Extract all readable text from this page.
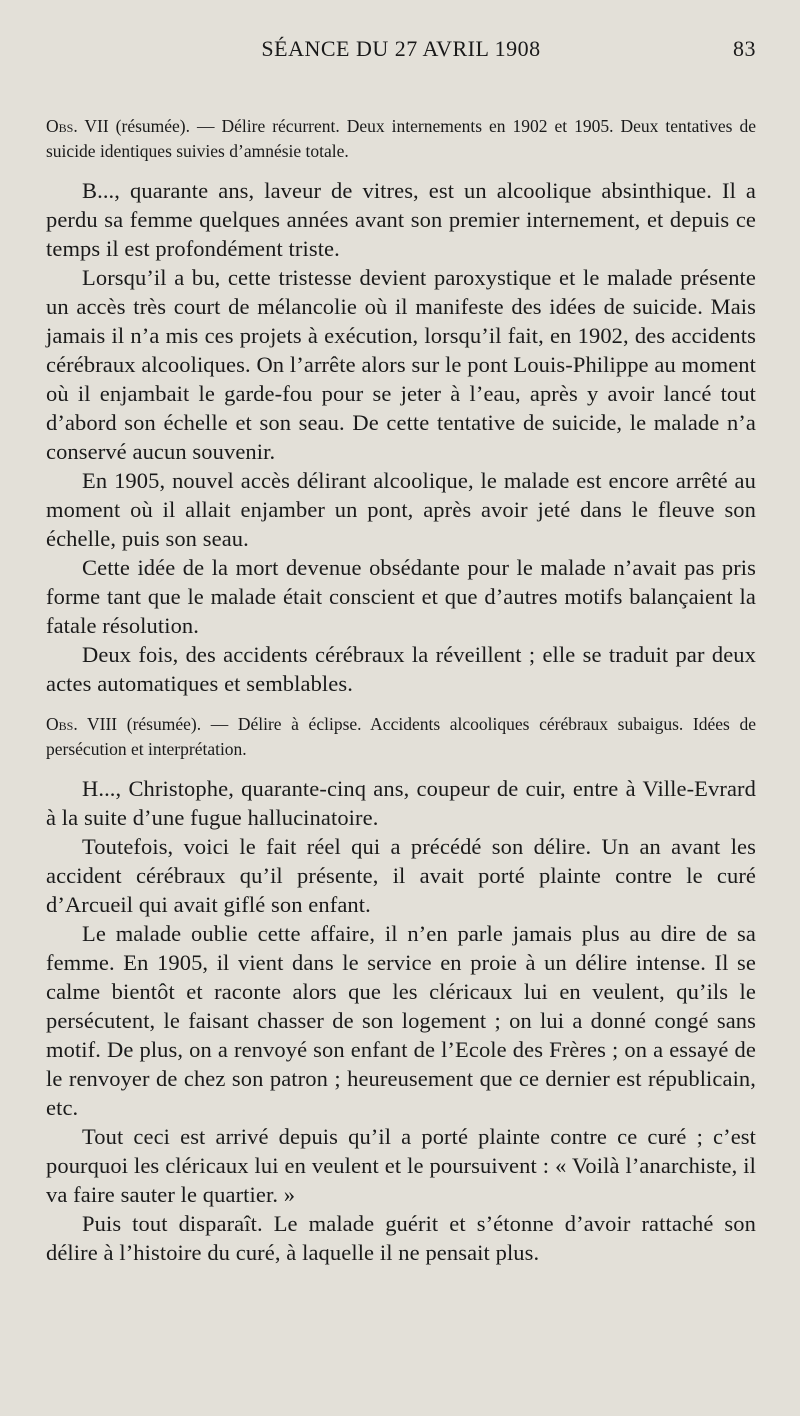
SÉANCE DU 27 AVRIL 1908	83

Obs. VII (résumée). — Délire récurrent. Deux internements en 1902 et 1905. Deux tentatives de suicide identiques suivies d’amnésie totale.

B..., quarante ans, laveur de vitres, est un alcoolique absinthique. Il a perdu sa femme quelques années avant son premier internement, et depuis ce temps il est profondément triste.

Lorsqu’il a bu, cette tristesse devient paroxystique et le malade présente un accès très court de mélancolie où il manifeste des idées de suicide. Mais jamais il n’a mis ces projets à exécution, lorsqu’il fait, en 1902, des accidents cérébraux alcooliques. On l’arrête alors sur le pont Louis-Philippe au moment où il enjambait le garde-fou pour se jeter à l’eau, après y avoir lancé tout d’abord son échelle et son seau. De cette tentative de suicide, le malade n’a conservé aucun souvenir.

En 1905, nouvel accès délirant alcoolique, le malade est encore arrêté au moment où il allait enjamber un pont, après avoir jeté dans le fleuve son échelle, puis son seau.

Cette idée de la mort devenue obsédante pour le malade n’avait pas pris forme tant que le malade était conscient et que d’autres motifs balançaient la fatale résolution.

Deux fois, des accidents cérébraux la réveillent ; elle se traduit par deux actes automatiques et semblables.

Obs. VIII (résumée). — Délire à éclipse. Accidents alcooliques cérébraux subaigus. Idées de persécution et interprétation.

H..., Christophe, quarante-cinq ans, coupeur de cuir, entre à Ville-Evrard à la suite d’une fugue hallucinatoire.

Toutefois, voici le fait réel qui a précédé son délire. Un an avant les accident cérébraux qu’il présente, il avait porté plainte contre le curé d’Arcueil qui avait giflé son enfant.

Le malade oublie cette affaire, il n’en parle jamais plus au dire de sa femme. En 1905, il vient dans le service en proie à un délire intense. Il se calme bientôt et raconte alors que les cléricaux lui en veulent, qu’ils le persécutent, le faisant chasser de son logement ; on lui a donné congé sans motif. De plus, on a renvoyé son enfant de l’Ecole des Frères ; on a essayé de le renvoyer de chez son patron ; heureusement que ce dernier est républicain, etc.

Tout ceci est arrivé depuis qu’il a porté plainte contre ce curé ; c’est pourquoi les cléricaux lui en veulent et le poursuivent : « Voilà l’anarchiste, il va faire sauter le quartier. »

Puis tout disparaît. Le malade guérit et s’étonne d’avoir rattaché son délire à l’histoire du curé, à laquelle il ne pensait plus.
